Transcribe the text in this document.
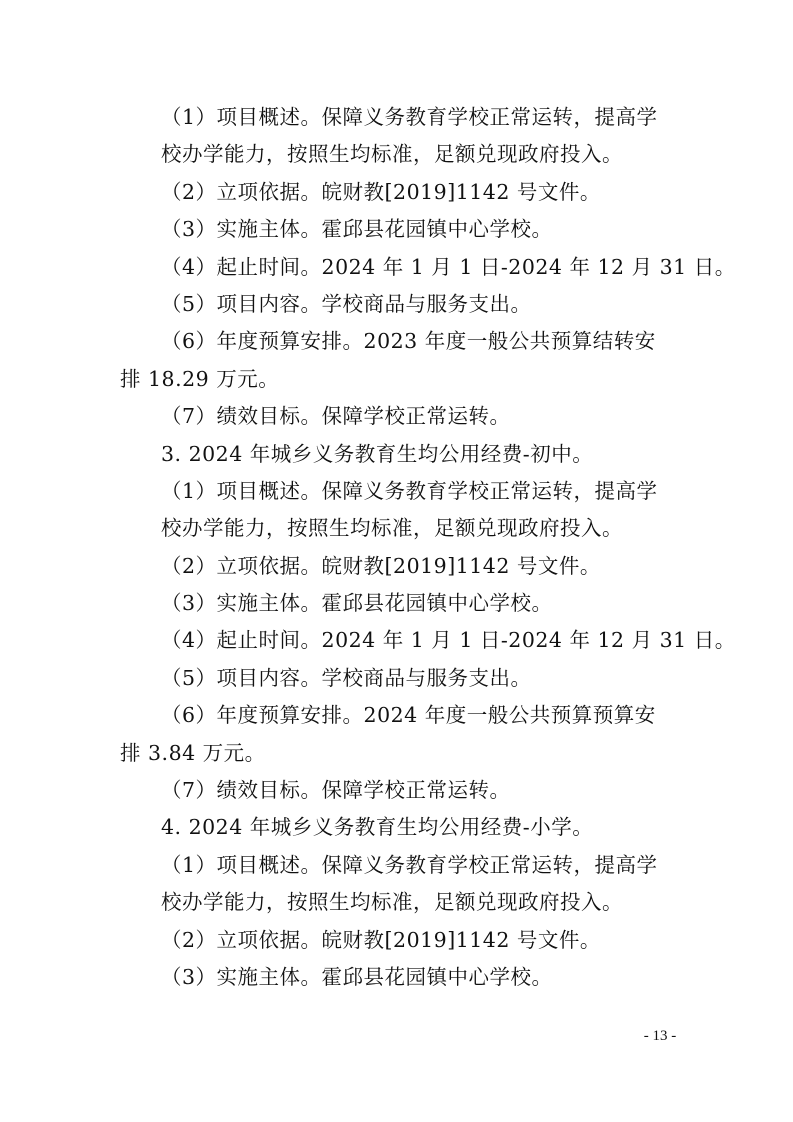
（1）项目概述。保障义务教育学校正常运转，提高学
校办学能力，按照生均标准，足额兑现政府投入。
（2）立项依据。皖财教[2019]1142 号文件。
（3）实施主体。霍邱县花园镇中心学校。
（4）起止时间。2024 年 1 月 1 日-2024 年 12 月 31 日。
（5）项目内容。学校商品与服务支出。
（6）年度预算安排。2023 年度一般公共预算结转安
排 18.29 万元。
（7）绩效目标。保障学校正常运转。
3. 2024 年城乡义务教育生均公用经费-初中。
（1）项目概述。保障义务教育学校正常运转，提高学
校办学能力，按照生均标准，足额兑现政府投入。
（2）立项依据。皖财教[2019]1142 号文件。
（3）实施主体。霍邱县花园镇中心学校。
（4）起止时间。2024 年 1 月 1 日-2024 年 12 月 31 日。
（5）项目内容。学校商品与服务支出。
（6）年度预算安排。2024 年度一般公共预算预算安
排 3.84 万元。
（7）绩效目标。保障学校正常运转。
4. 2024 年城乡义务教育生均公用经费-小学。
（1）项目概述。保障义务教育学校正常运转，提高学
校办学能力，按照生均标准，足额兑现政府投入。
（2）立项依据。皖财教[2019]1142 号文件。
（3）实施主体。霍邱县花园镇中心学校。
- 13 -
